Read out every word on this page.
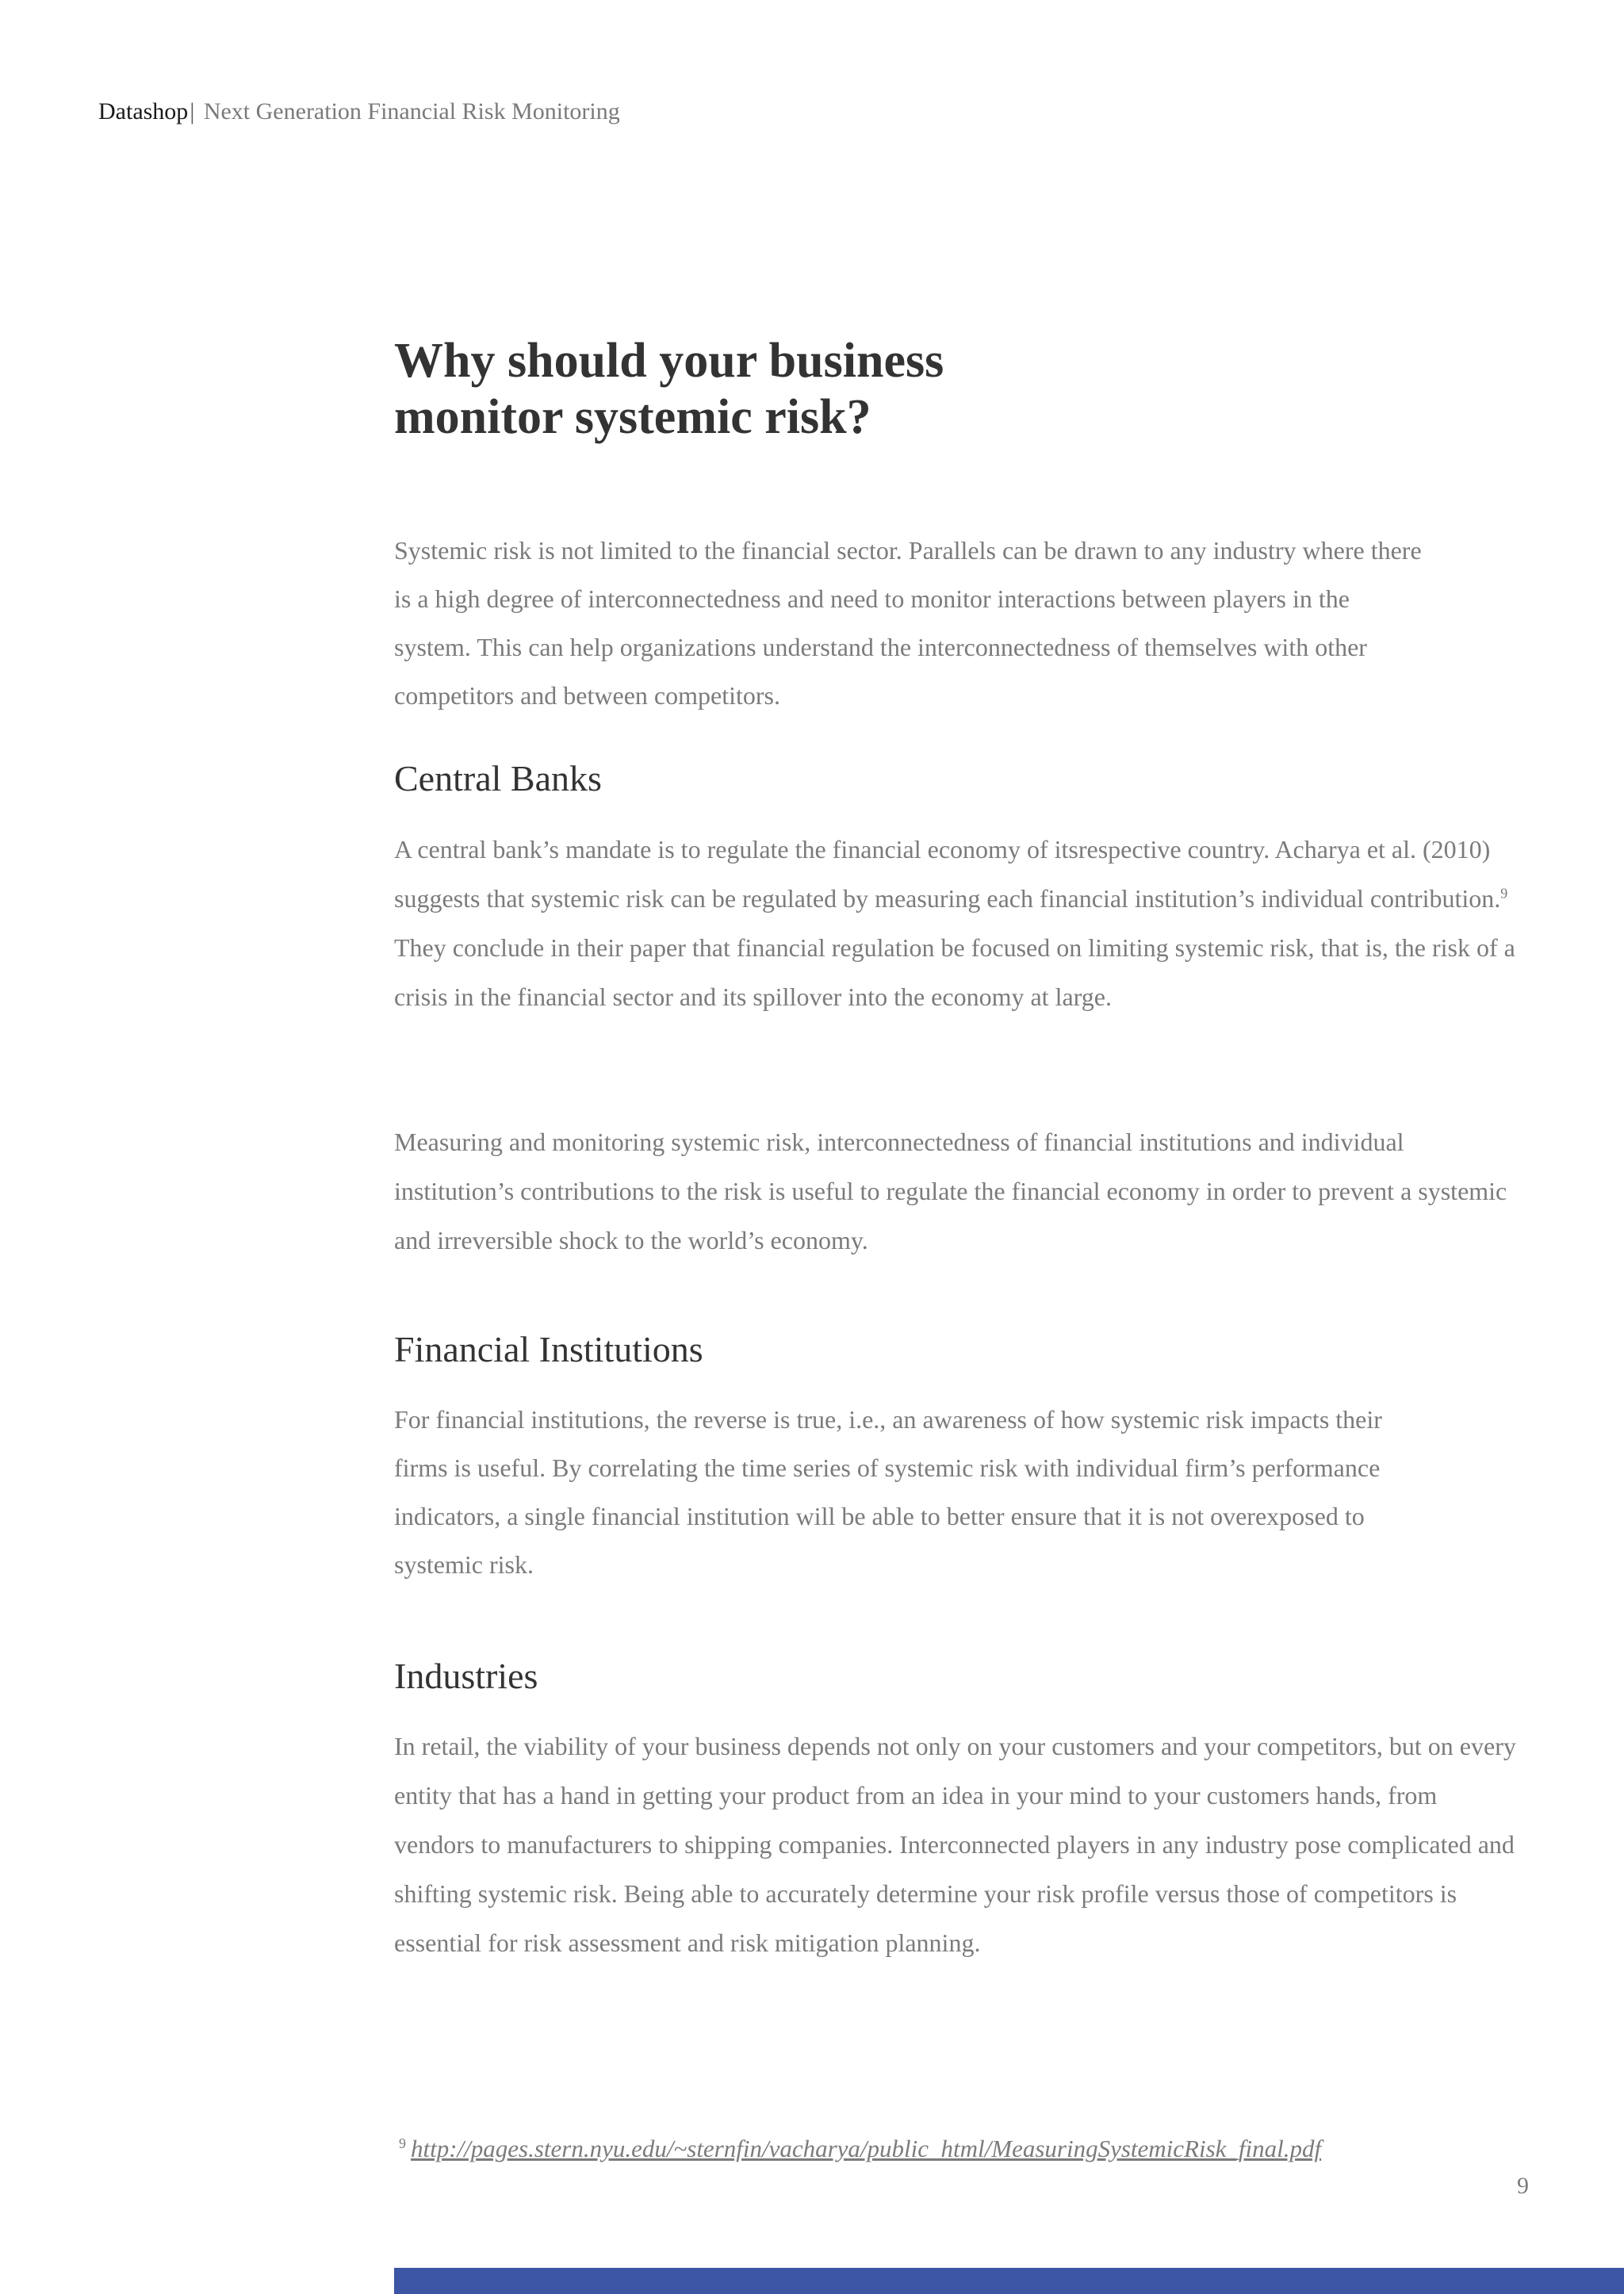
Datashop| Next Generation Financial Risk Monitoring
Why should your business
monitor systemic risk?

Systemic risk is not limited to the financial sector. Parallels can be drawn to any industry where there is a high degree of interconnectedness and need to monitor interactions between players in the system. This can help organizations understand the interconnectedness of themselves with other competitors and between competitors.

Central Banks

A central bank’s mandate is to regulate the financial economy of itsrespective country. Acharya et al. (2010) suggests that systemic risk can be regulated by measuring each financial institution’s individual contribution.$^9$ They conclude in their paper that financial regulation be focused on limiting systemic risk, that is, the risk of a crisis in the financial sector and its spillover into the economy at large.

Measuring and monitoring systemic risk, interconnectedness of financial institutions and individual institution’s contributions to the risk is useful to regulate the financial economy in order to prevent a systemic and irreversible shock to the world’s economy.

Financial Institutions

For financial institutions, the reverse is true, i.e., an awareness of how systemic risk impacts their firms is useful. By correlating the time series of systemic risk with individual firm’s performance indicators, a single financial institution will be able to better ensure that it is not overexposed to systemic risk.

Industries

In retail, the viability of your business depends not only on your customers and your competitors, but on every entity that has a hand in getting your product from an idea in your mind to your customers hands, from vendors to manufacturers to shipping companies. Interconnected players in any industry pose complicated and shifting systemic risk. Being able to accurately determine your risk profile versus those of competitors is essential for risk assessment and risk mitigation planning.

$^9$ http://pages.stern.nyu.edu/~sternfin/vacharya/public_html/MeasuringSystemicRisk_final.pdf
9
